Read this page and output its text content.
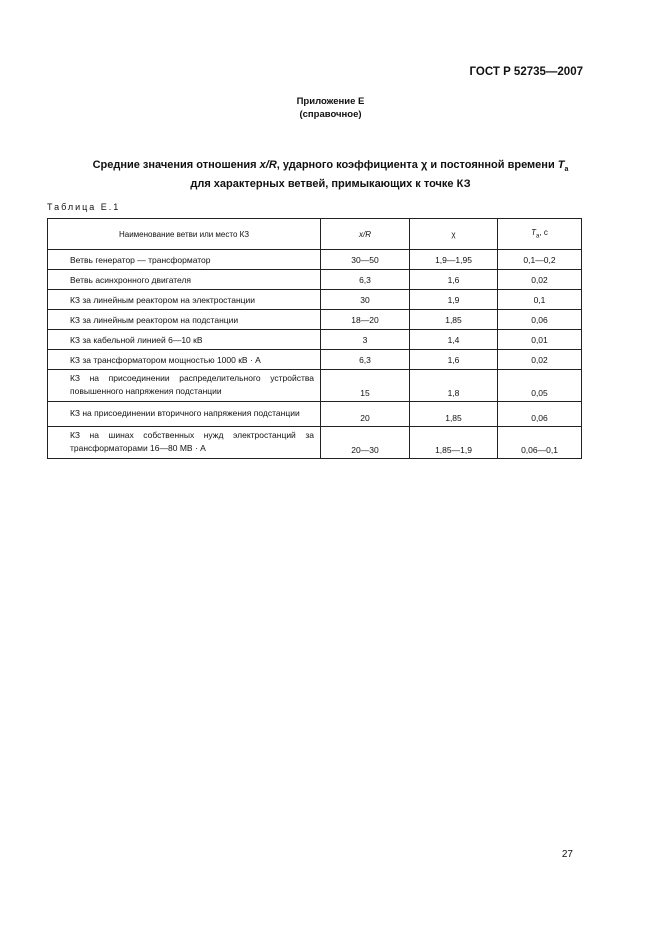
ГОСТ Р 52735—2007
Приложение Е
(справочное)
Средние значения отношения x/R, ударного коэффициента χ и постоянной времени $T_a$
для характерных ветвей, примыкающих к точке КЗ
Таблица Е.1
Наименование ветви или место КЗ	x/R	χ	$T_a$, с
Ветвь генератор — трансформатор	30—50	1,9—1,95	0,1—0,2
Ветвь асинхронного двигателя	6,3	1,6	0,02
КЗ за линейным реактором на электростанции	30	1,9	0,1
КЗ за линейным реактором на подстанции	18—20	1,85	0,06
КЗ за кабельной линией 6—10 кВ	3	1,4	0,01
КЗ за трансформатором мощностью 1000 кВ · А	6,3	1,6	0,02
КЗ на присоединении распределительного устройства повышенного напряжения подстанции	15	1,8	0,05
КЗ на присоединении вторичного напряжения подстанции	20	1,85	0,06
КЗ на шинах собственных нужд электростанций за трансформаторами 16—80 МВ · А	20—30	1,85—1,9	0,06—0,1
27
